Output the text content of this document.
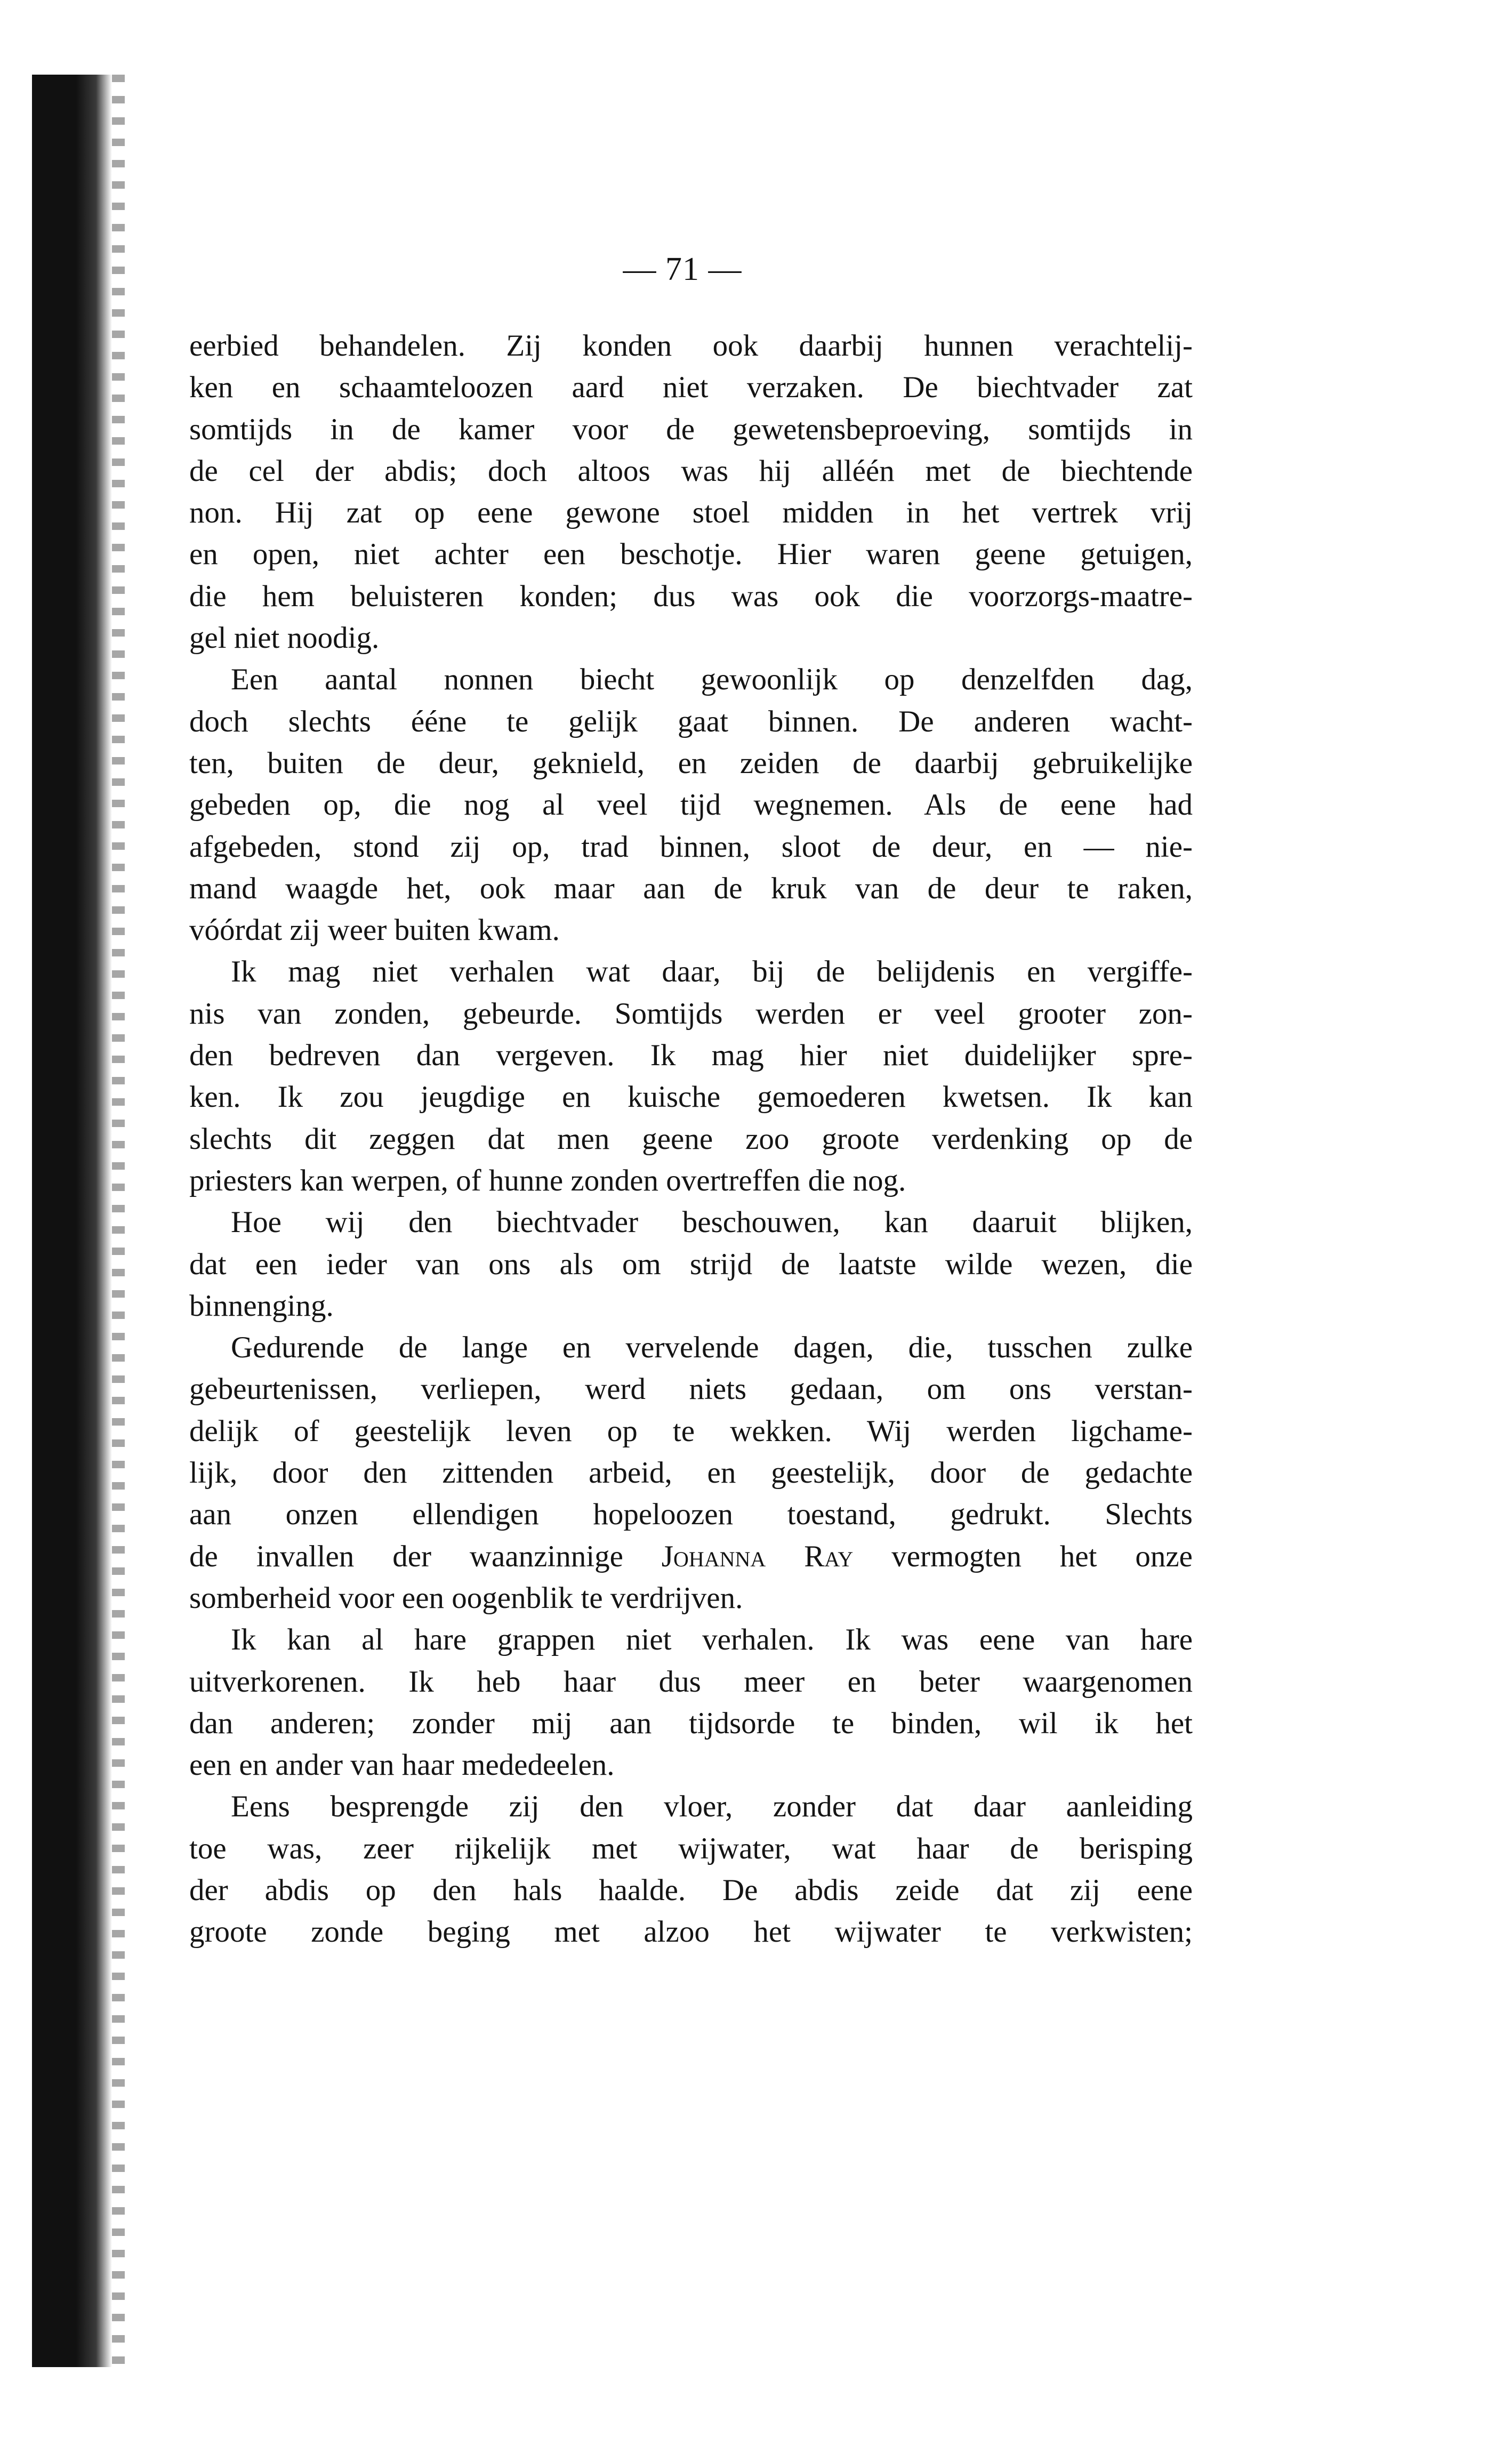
— 71 —
eerbied behandelen. Zij konden ook daarbij hunnen verachtelij-
ken en schaamteloozen aard niet verzaken. De biechtvader zat
somtijds in de kamer voor de gewetensbeproeving, somtijds in
de cel der abdis; doch altoos was hij alléén met de biechtende
non. Hij zat op eene gewone stoel midden in het vertrek vrij
en open, niet achter een beschotje. Hier waren geene getuigen,
die hem beluisteren konden; dus was ook die voorzorgs-maatre-
gel niet noodig.
Een aantal nonnen biecht gewoonlijk op denzelfden dag,
doch slechts ééne te gelijk gaat binnen. De anderen wacht-
ten, buiten de deur, geknield, en zeiden de daarbij gebruikelijke
gebeden op, die nog al veel tijd wegnemen. Als de eene had
afgebeden, stond zij op, trad binnen, sloot de deur, en — nie-
mand waagde het, ook maar aan de kruk van de deur te raken,
vóórdat zij weer buiten kwam.
Ik mag niet verhalen wat daar, bij de belijdenis en vergiffe-
nis van zonden, gebeurde. Somtijds werden er veel grooter zon-
den bedreven dan vergeven. Ik mag hier niet duidelijker spre-
ken. Ik zou jeugdige en kuische gemoederen kwetsen. Ik kan
slechts dit zeggen dat men geene zoo groote verdenking op de
priesters kan werpen, of hunne zonden overtreffen die nog.
Hoe wij den biechtvader beschouwen, kan daaruit blijken,
dat een ieder van ons als om strijd de laatste wilde wezen, die
binnenging.
Gedurende de lange en vervelende dagen, die, tusschen zulke
gebeurtenissen, verliepen, werd niets gedaan, om ons verstan-
delijk of geestelijk leven op te wekken. Wij werden ligchame-
lijk, door den zittenden arbeid, en geestelijk, door de gedachte
aan onzen ellendigen hopeloozen toestand, gedrukt. Slechts
de invallen der waanzinnige Johanna Ray vermogten het onze
somberheid voor een oogenblik te verdrijven.
Ik kan al hare grappen niet verhalen. Ik was eene van hare
uitverkorenen. Ik heb haar dus meer en beter waargenomen
dan anderen; zonder mij aan tijdsorde te binden, wil ik het
een en ander van haar mededeelen.
Eens besprengde zij den vloer, zonder dat daar aanleiding
toe was, zeer rijkelijk met wijwater, wat haar de berisping
der abdis op den hals haalde. De abdis zeide dat zij eene
groote zonde beging met alzoo het wijwater te verkwisten;
